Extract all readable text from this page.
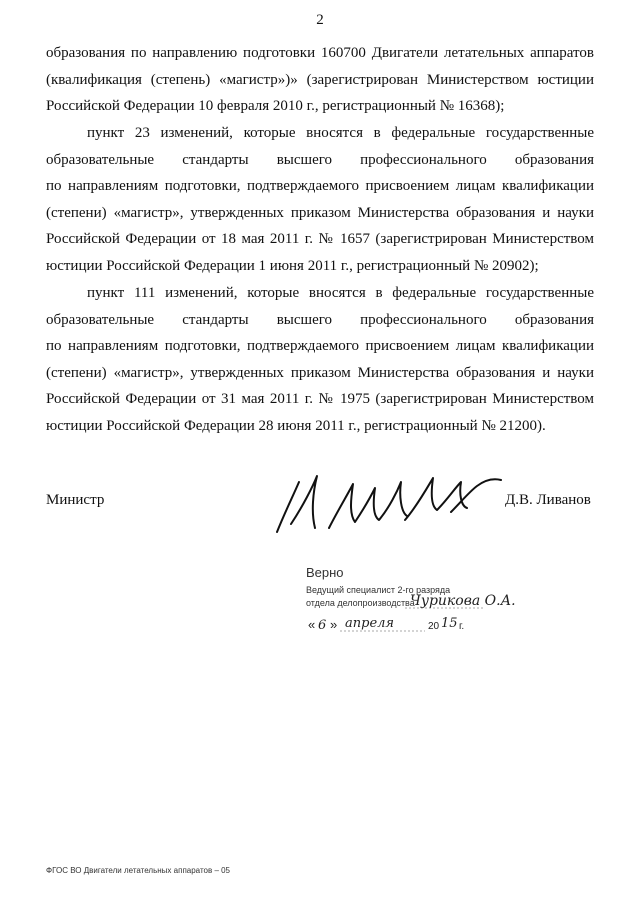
2
образования по направлению подготовки 160700 Двигатели летательных аппаратов
(квалификация (степень) «магистр»)» (зарегистрирован Министерством юстиции
Российской Федерации 10 февраля 2010 г., регистрационный № 16368);
пункт 23 изменений, которые вносятся в федеральные государственные
образовательные стандарты высшего профессионального образования
по направлениям подготовки, подтверждаемого присвоением лицам квалификации
(степени) «магистр», утвержденных приказом Министерства образования и науки
Российской Федерации от 18 мая 2011 г. № 1657 (зарегистрирован Министерством
юстиции Российской Федерации 1 июня 2011 г., регистрационный № 20902);
пункт 111 изменений, которые вносятся в федеральные государственные
образовательные стандарты высшего профессионального образования
по направлениям подготовки, подтверждаемого присвоением лицам квалификации
(степени) «магистр», утвержденных приказом Министерства образования и науки
Российской Федерации от 31 мая 2011 г. № 1975 (зарегистрирован Министерством
юстиции Российской Федерации 28 июня 2011 г., регистрационный № 21200).
Министр	Д.В. Ливанов
Верно
Ведущий специалист 2-го разряда
отдела делопроизводства
Чурикова О.А.
« 6 » апреля	20 15 г.
ФГОС ВО Двигатели летательных аппаратов – 05
